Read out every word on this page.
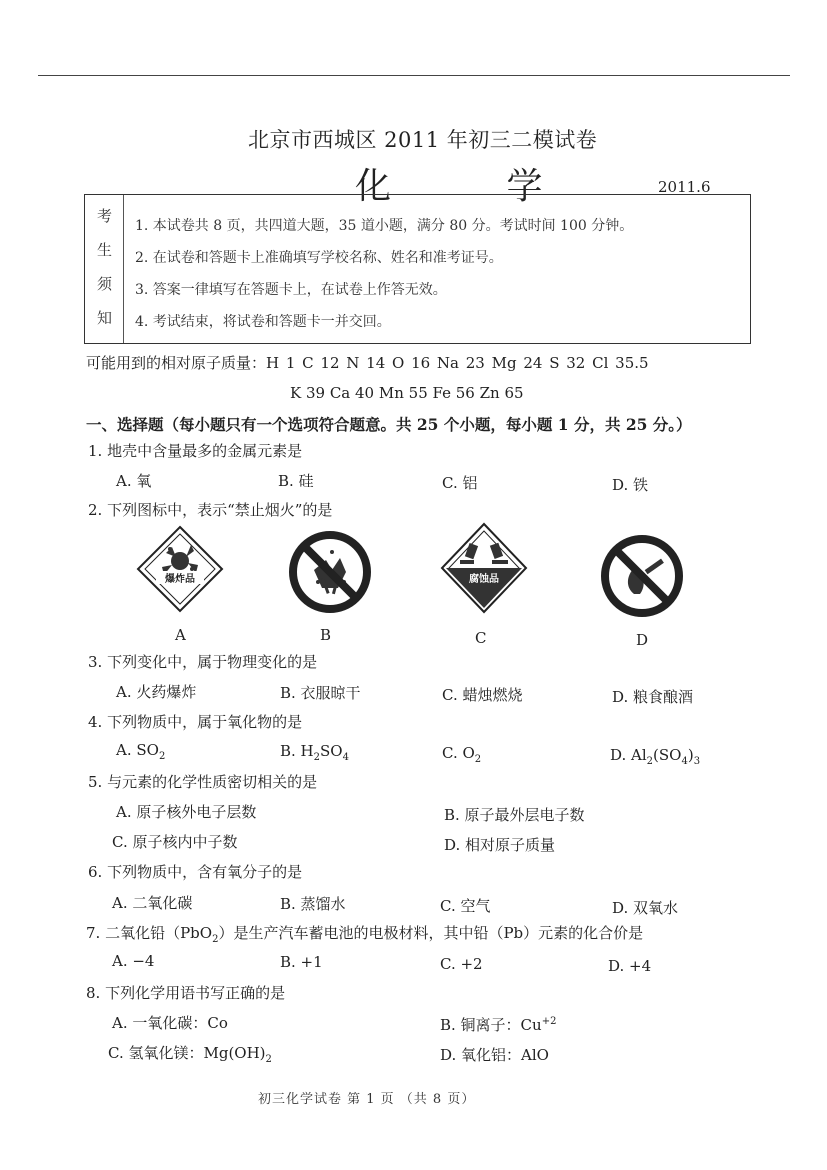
北京市西城区 2011 年初三二模试卷
化 学	2011.6
考
生
须
知
1. 本试卷共 8 页，共四道大题，35 道小题，满分 80 分。考试时间 100 分钟。
2. 在试卷和答题卡上准确填写学校名称、姓名和准考证号。
3. 答案一律填写在答题卡上，在试卷上作答无效。
4. 考试结束，将试卷和答题卡一并交回。
可能用到的相对原子质量：H 1 C 12 N 14 O 16 Na 23 Mg 24 S 32 Cl 35.5
K 39 Ca 40 Mn 55 Fe 56 Zn 65
一、选择题（每小题只有一个选项符合题意。共 25 个小题，每小题 1 分，共 25 分。）
1. 地壳中含量最多的金属元素是
A. 氧	B. 硅	C. 铝	D. 铁
2. 下列图标中，表示“禁止烟火”的是
爆炸品
A	B
腐蚀品
C	D
3. 下列变化中，属于物理变化的是
A. 火药爆炸	B. 衣服晾干	C. 蜡烛燃烧	D. 粮食酿酒
4. 下列物质中，属于氧化物的是
A. $SO_2$	B. $H_2SO_4$	C. $O_2$	D. $Al_2(SO_4)_3$
5. 与元素的化学性质密切相关的是
A. 原子核外电子层数	B. 原子最外层电子数
C. 原子核内中子数	D. 相对原子质量
6. 下列物质中，含有氧分子的是
A. 二氧化碳	B. 蒸馏水	C. 空气	D. 双氧水
7. 二氧化铅（PbO$_2$）是生产汽车蓄电池的电极材料，其中铅（Pb）元素的化合价是
A. −4	B. +1	C. +2	D. +4
8. 下列化学用语书写正确的是
A. 一氧化碳：Co	B. 铜离子：$Cu^{+2}$
C. 氢氧化镁：$Mg(OH)_2$	D. 氧化铝：AlO
初三化学试卷 第 1 页 （共 8 页）
